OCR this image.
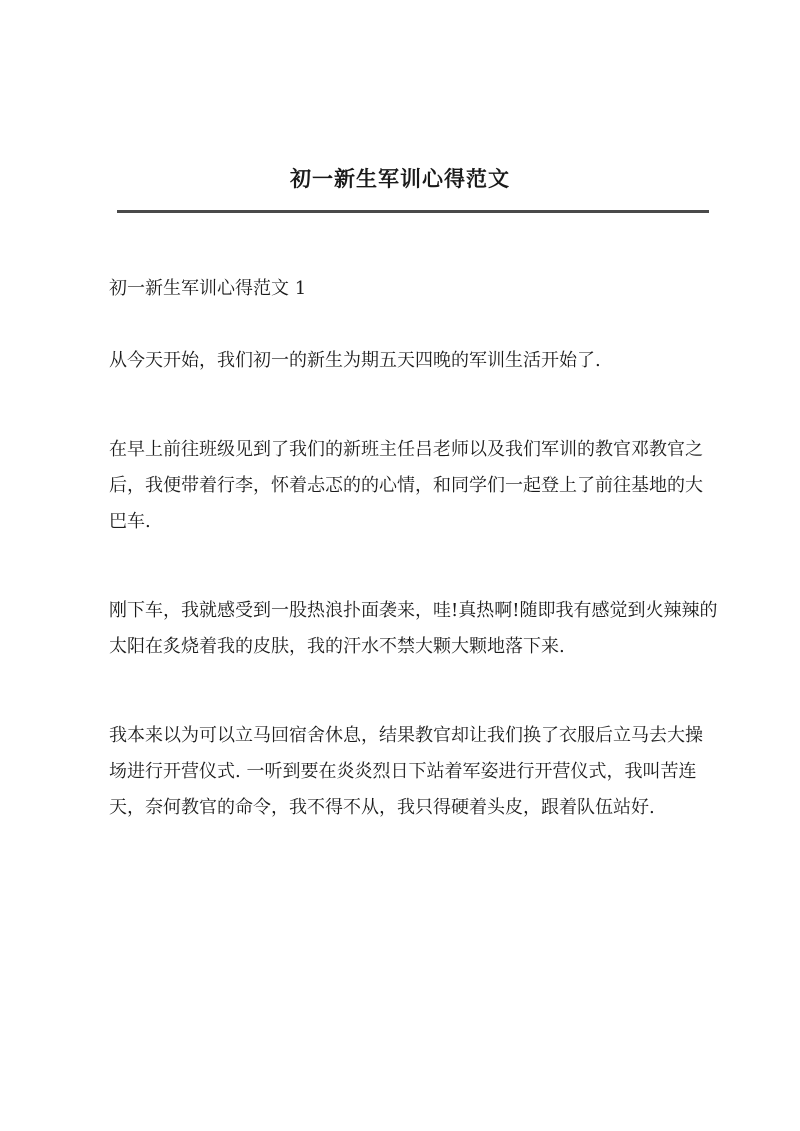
初一新生军训心得范文

初一新生军训心得范文 1

从今天开始，我们初一的新生为期五天四晚的军训生活开始了.

在早上前往班级见到了我们的新班主任吕老师以及我们军训的教官邓教官之后，我便带着行李，怀着忐忑的的心情，和同学们一起登上了前往基地的大巴车.

刚下车，我就感受到一股热浪扑面袭来，哇!真热啊!随即我有感觉到火辣辣的太阳在炙烧着我的皮肤，我的汗水不禁大颗大颗地落下来.

我本来以为可以立马回宿舍休息，结果教官却让我们换了衣服后立马去大操场进行开营仪式. 一听到要在炎炎烈日下站着军姿进行开营仪式，我叫苦连天，奈何教官的命令，我不得不从，我只得硬着头皮，跟着队伍站好.
